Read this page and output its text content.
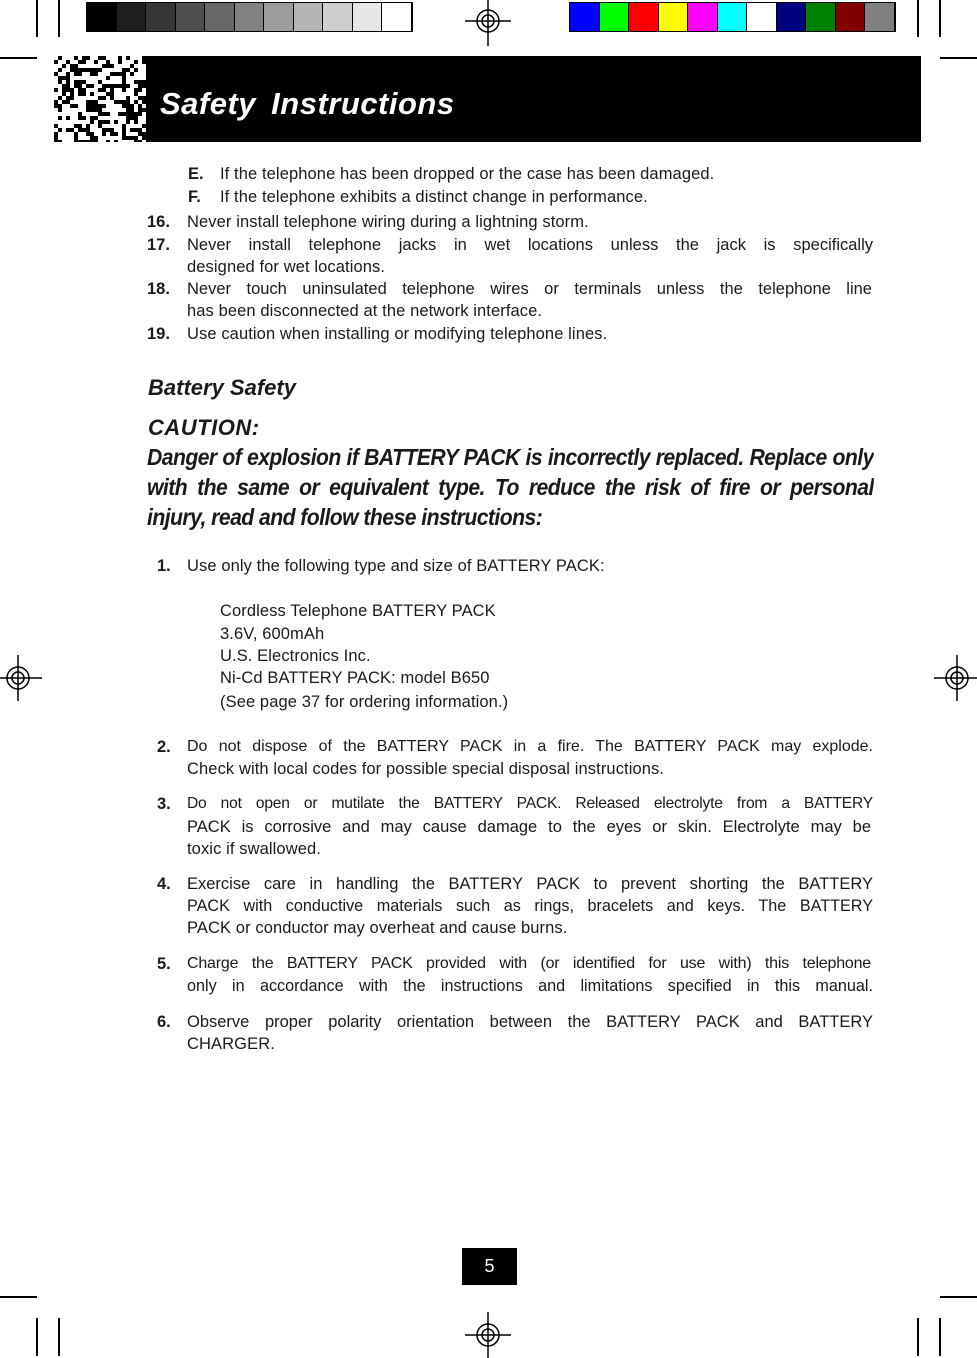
Safety Instructions
E. If the telephone has been dropped or the case has been damaged.
F. If the telephone exhibits a distinct change in performance.
16. Never install telephone wiring during a lightning storm.
17. Never install telephone jacks in wet locations unless the jack is specifically
designed for wet locations.
18. Never touch uninsulated telephone wires or terminals unless the telephone line
has been disconnected at the network interface.
19. Use caution when installing or modifying telephone lines.
Battery Safety
CAUTION:
Danger of explosion if BATTERY PACK is incorrectly replaced. Replace only
with the same or equivalent type. To reduce the risk of fire or personal
injury, read and follow these instructions:
1. Use only the following type and size of BATTERY PACK:
Cordless Telephone BATTERY PACK
3.6V, 600mAh
U.S. Electronics Inc.
Ni-Cd BATTERY PACK: model B650
(See page 37 for ordering information.)
2. Do not dispose of the BATTERY PACK in a fire. The BATTERY PACK may explode.
Check with local codes for possible special disposal instructions.
3. Do not open or mutilate the BATTERY PACK. Released electrolyte from a BATTERY
PACK is corrosive and may cause damage to the eyes or skin. Electrolyte may be
toxic if swallowed.
4. Exercise care in handling the BATTERY PACK to prevent shorting the BATTERY
PACK with conductive materials such as rings, bracelets and keys. The BATTERY
PACK or conductor may overheat and cause burns.
5. Charge the BATTERY PACK provided with (or identified for use with) this telephone
only in accordance with the instructions and limitations specified in this manual.
6. Observe proper polarity orientation between the BATTERY PACK and BATTERY
CHARGER.
5
